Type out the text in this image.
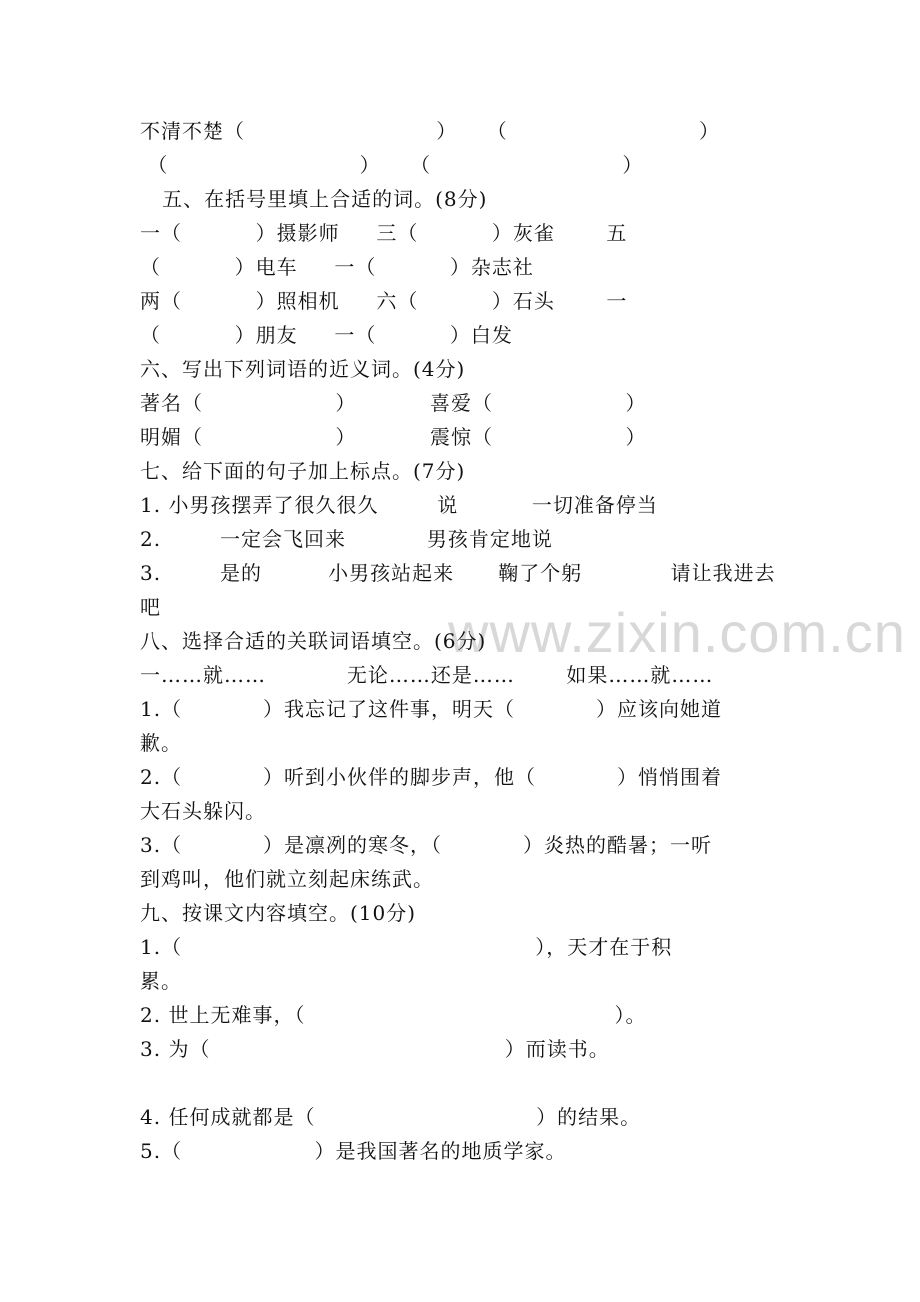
www.zixin.com.cn
不清不楚（                          ）    （                          ）
（                          ）    （                          ）
五、在括号里填上合适的词。(8分)
一（          ）摄影师     三（          ）灰雀       五
（          ）电车     一（          ）杂志社
两（          ）照相机     六（          ）石头       一
（          ）朋友     一（          ）白发
六、写出下列词语的近义词。(4分)
著名（                  ）          喜爱（                  ）
明媚（                  ）          震惊（                  ）
七、给下面的句子加上标点。(7分)
1. 小男孩摆弄了很久很久        说          一切准备停当
2.        一定会飞回来           男孩肯定地说
3.        是的         小男孩站起来      鞠了个躬            请让我进去
吧
八、选择合适的关联词语填空。(6分)
一……就……           无论……还是……       如果……就……
1.（           ）我忘记了这件事，明天（           ）应该向她道
歉。
2.（           ）听到小伙伴的脚步声，他（           ）悄悄围着
大石头躲闪。
3.（           ）是凛冽的寒冬，（           ）炎热的酷暑；一听
到鸡叫，他们就立刻起床练武。
九、按课文内容填空。(10分)
1.（                                                ），天才在于积
累。
2. 世上无难事，（                                          ）。
3. 为（                                        ）而读书。
4. 任何成就都是（                              ）的结果。
5.（                  ）是我国著名的地质学家。
